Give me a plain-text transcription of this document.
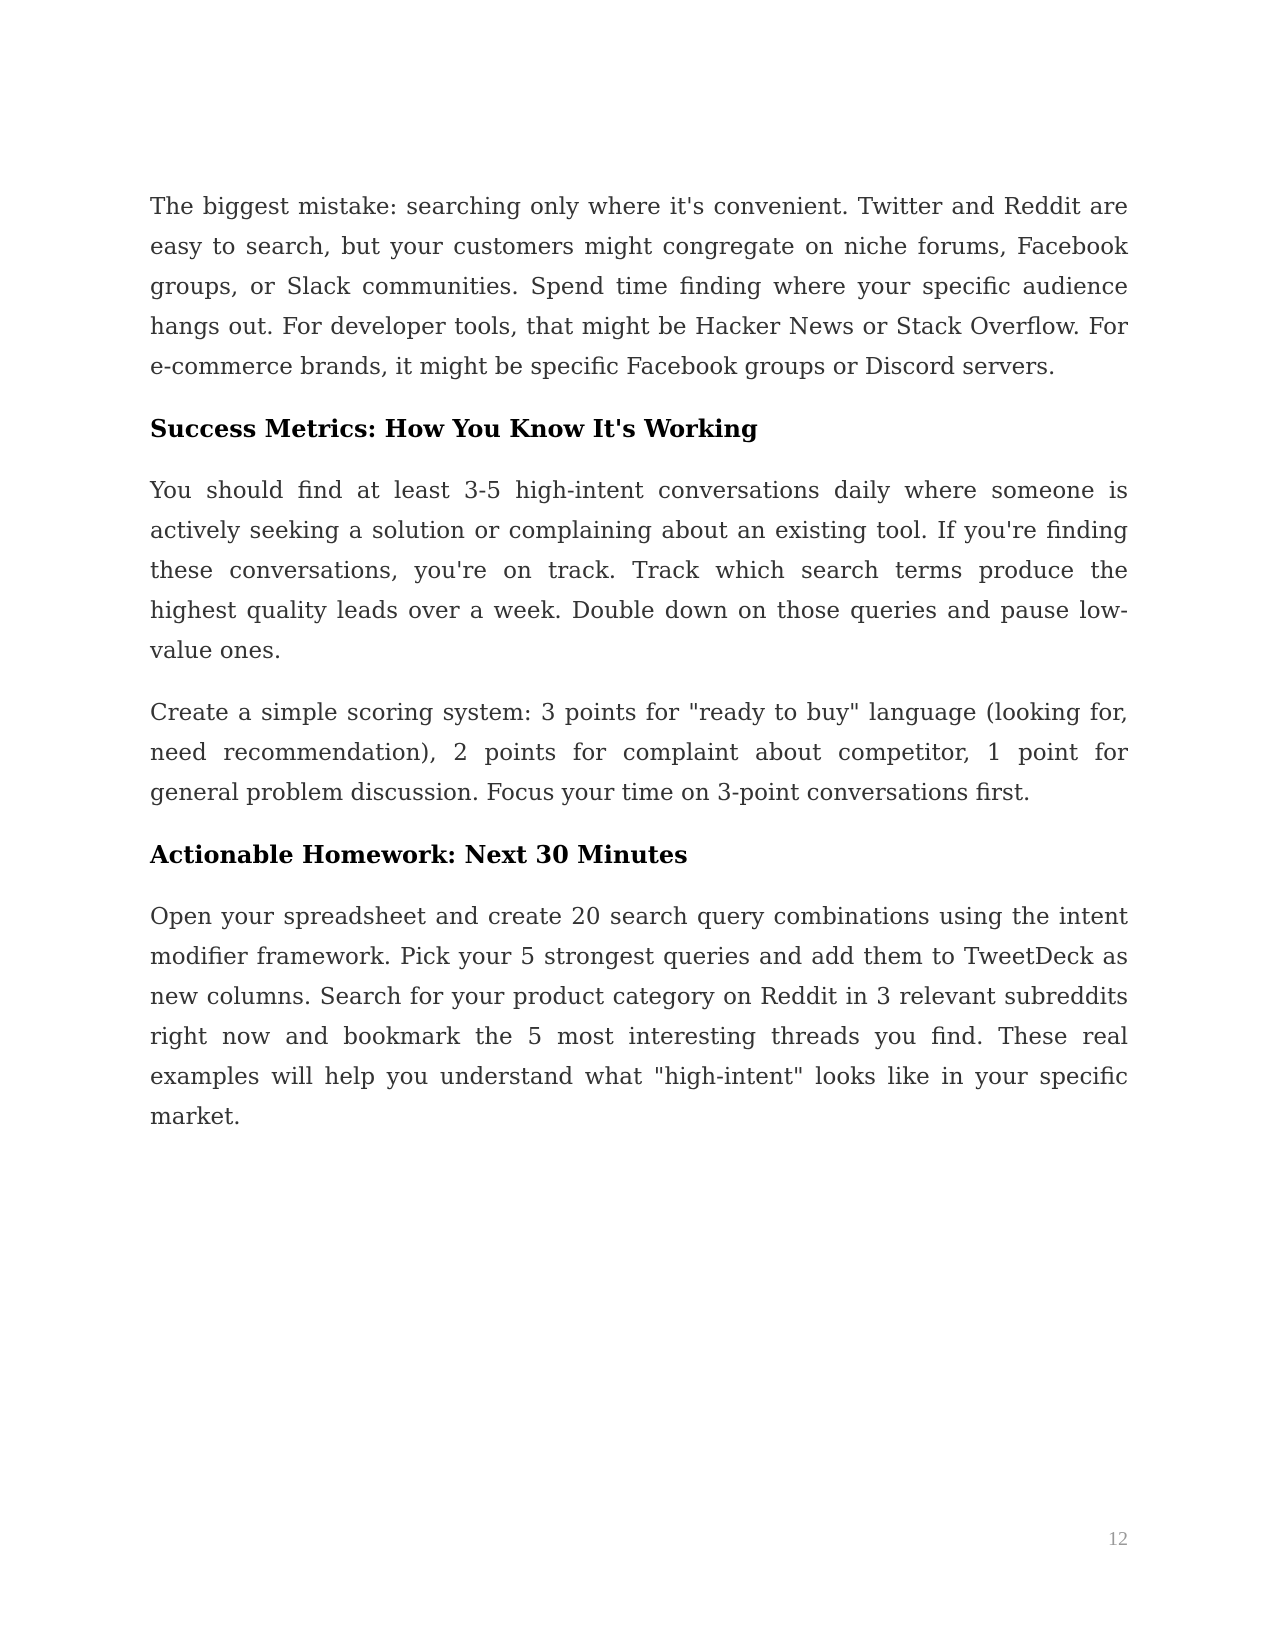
The biggest mistake: searching only where it's convenient. Twitter and Reddit are easy to search, but your customers might congregate on niche forums, Facebook groups, or Slack communities. Spend time finding where your specific audience hangs out. For developer tools, that might be Hacker News or Stack Overflow. For e-commerce brands, it might be specific Facebook groups or Discord servers.

Success Metrics: How You Know It's Working

You should find at least 3-5 high-intent conversations daily where someone is actively seeking a solution or complaining about an existing tool. If you're finding these conversations, you're on track. Track which search terms produce the highest quality leads over a week. Double down on those queries and pause low-value ones.

Create a simple scoring system: 3 points for "ready to buy" language (looking for, need recommendation), 2 points for complaint about competitor, 1 point for general problem discussion. Focus your time on 3-point conversations first.

Actionable Homework: Next 30 Minutes

Open your spreadsheet and create 20 search query combinations using the intent modifier framework. Pick your 5 strongest queries and add them to TweetDeck as new columns. Search for your product category on Reddit in 3 relevant subreddits right now and bookmark the 5 most interesting threads you find. These real examples will help you understand what "high-intent" looks like in your specific market.

12
